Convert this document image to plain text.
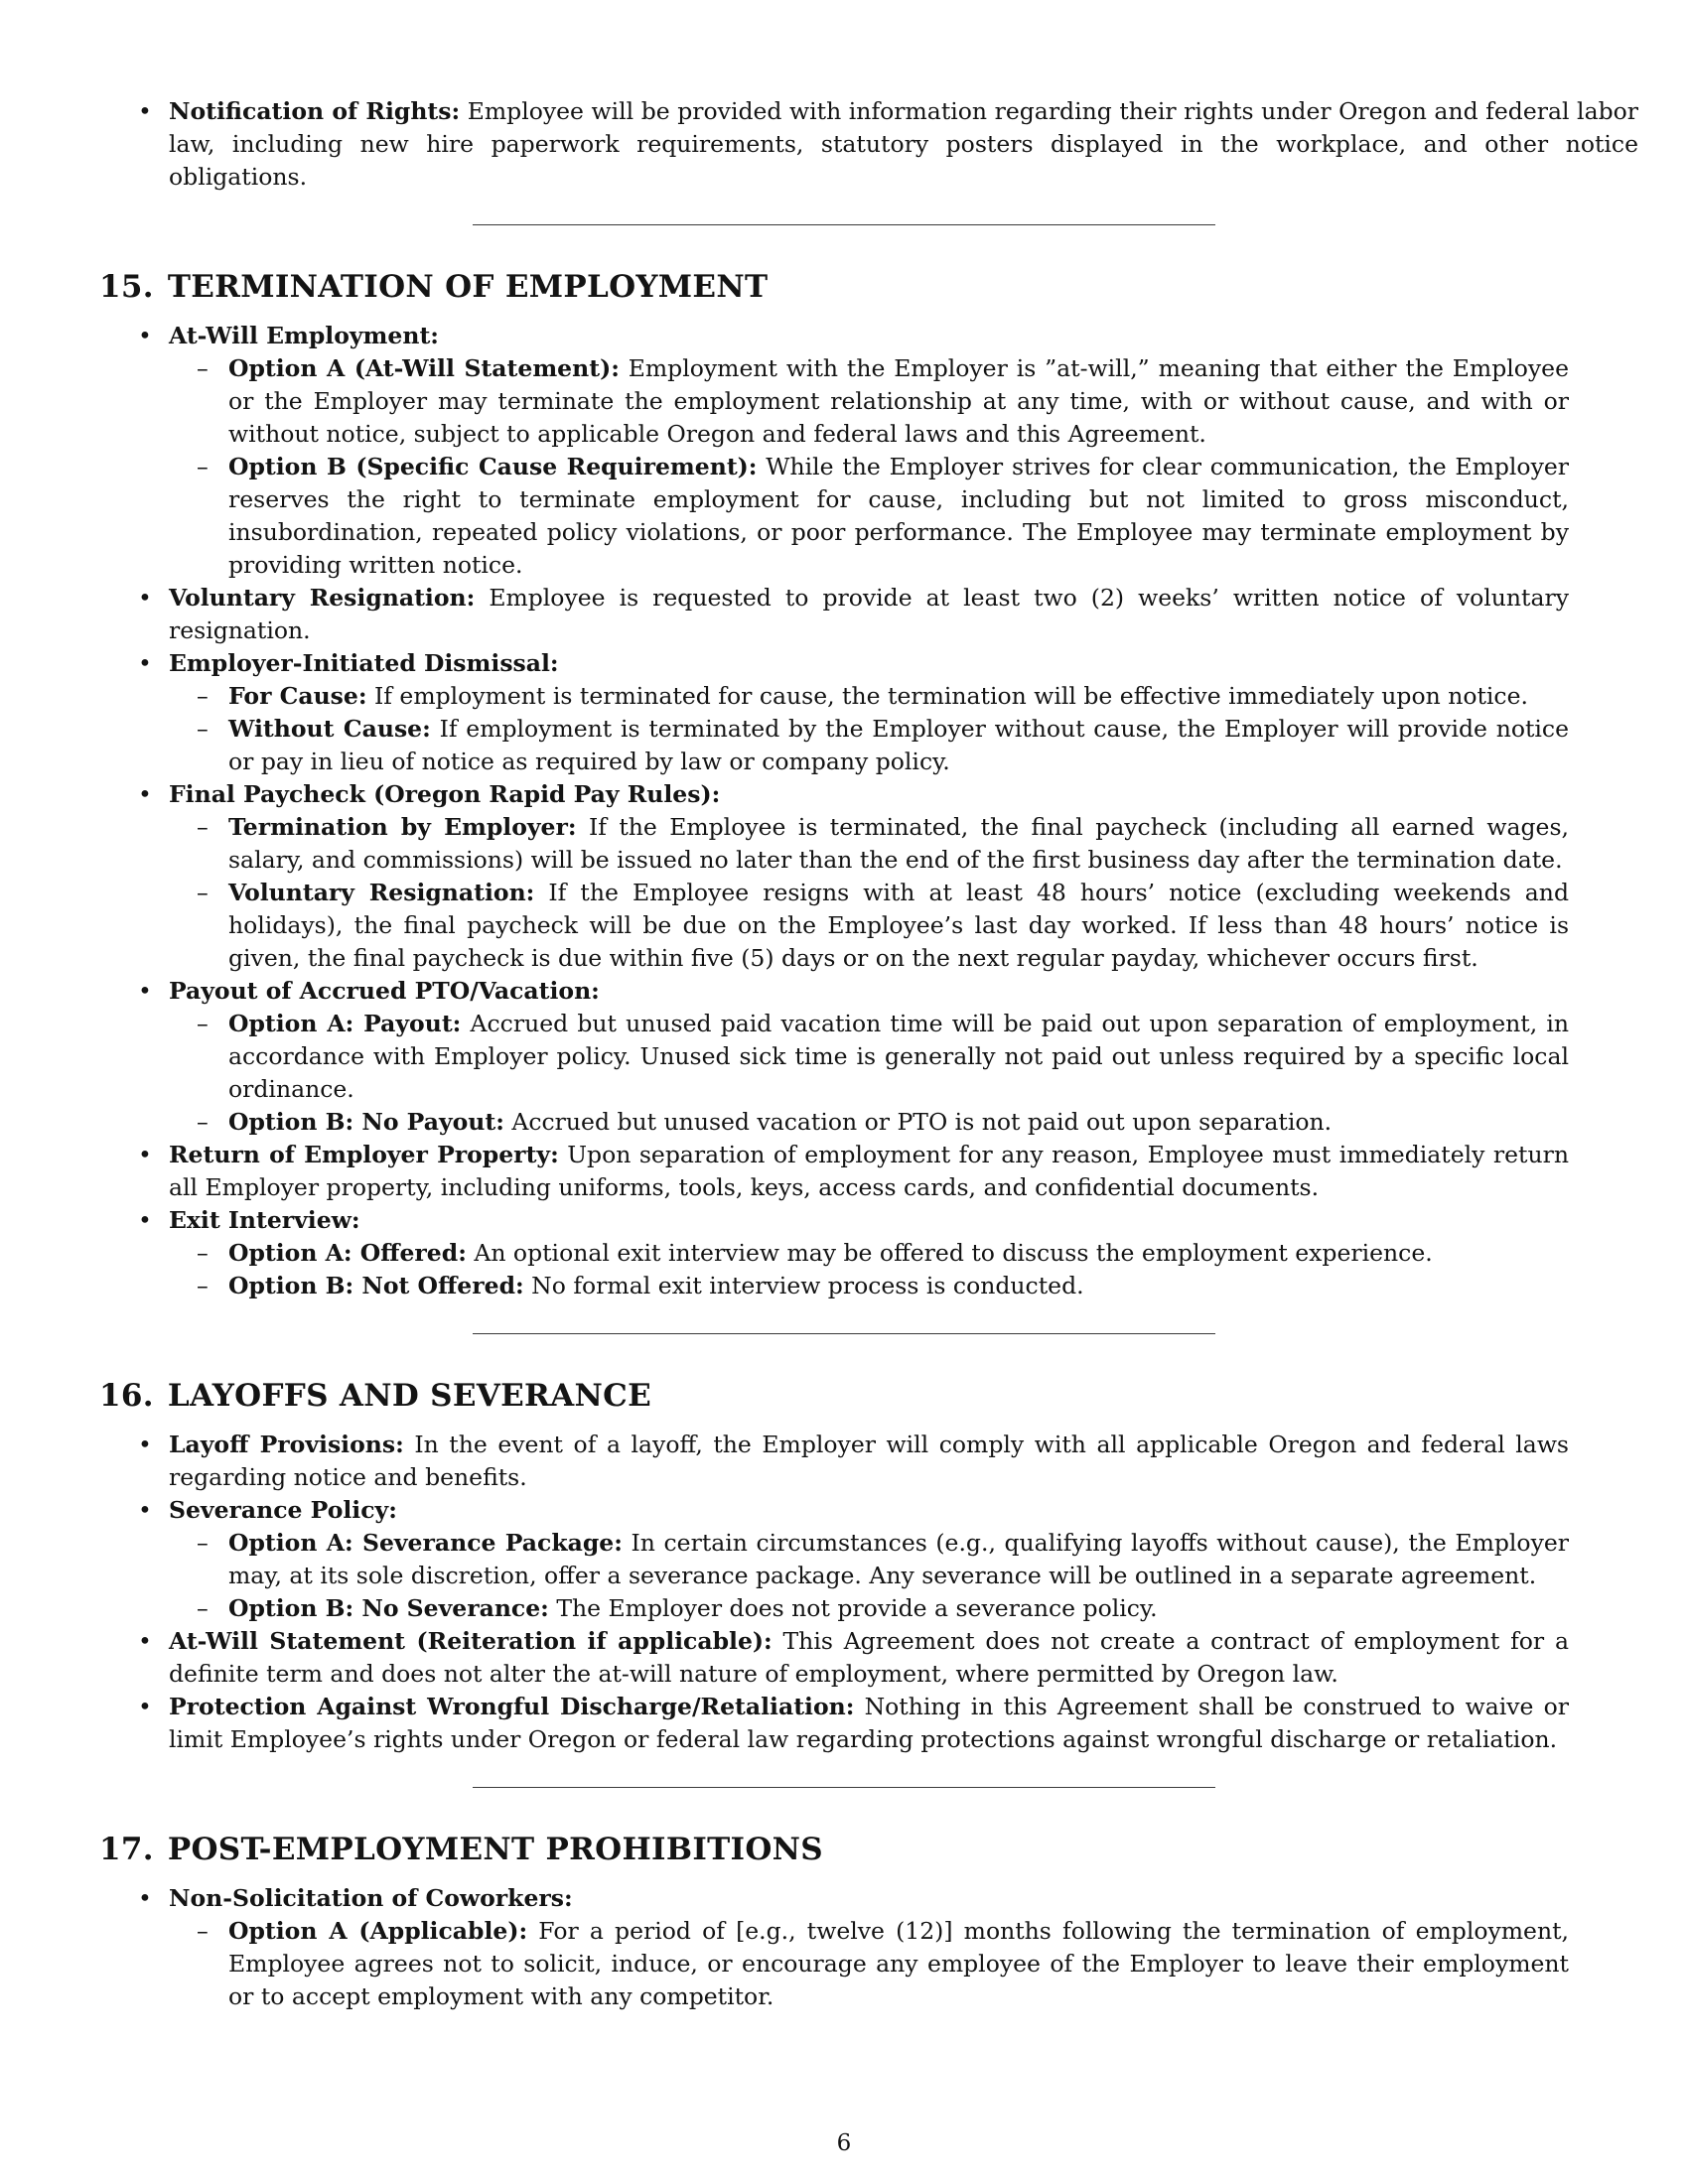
• Notification of Rights: Employee will be provided with information regarding their rights under Oregon and federal labor law, including new hire paperwork requirements, statutory posters displayed in the workplace, and other notice obligations.
15. TERMINATION OF EMPLOYMENT
• At-Will Employment:
– Option A (At-Will Statement): Employment with the Employer is ”at-will,” meaning that either the Employee or the Employer may terminate the employment relationship at any time, with or without cause, and with or without notice, subject to applicable Oregon and federal laws and this Agreement.
– Option B (Specific Cause Requirement): While the Employer strives for clear communication, the Employer reserves the right to terminate employment for cause, including but not limited to gross misconduct, insubordination, repeated policy violations, or poor performance. The Employee may terminate employment by providing written notice.
• Voluntary Resignation: Employee is requested to provide at least two (2) weeks’ written notice of voluntary resignation.
• Employer-Initiated Dismissal:
– For Cause: If employment is terminated for cause, the termination will be effective immediately upon notice.
– Without Cause: If employment is terminated by the Employer without cause, the Employer will provide notice or pay in lieu of notice as required by law or company policy.
• Final Paycheck (Oregon Rapid Pay Rules):
– Termination by Employer: If the Employee is terminated, the final paycheck (including all earned wages, salary, and commissions) will be issued no later than the end of the first business day after the termination date.
– Voluntary Resignation: If the Employee resigns with at least 48 hours’ notice (excluding weekends and holidays), the final paycheck will be due on the Employee’s last day worked. If less than 48 hours’ notice is given, the final paycheck is due within five (5) days or on the next regular payday, whichever occurs first.
• Payout of Accrued PTO/Vacation:
– Option A: Payout: Accrued but unused paid vacation time will be paid out upon separation of employment, in accordance with Employer policy. Unused sick time is generally not paid out unless required by a specific local ordinance.
– Option B: No Payout: Accrued but unused vacation or PTO is not paid out upon separation.
• Return of Employer Property: Upon separation of employment for any reason, Employee must immediately return all Employer property, including uniforms, tools, keys, access cards, and confidential documents.
• Exit Interview:
– Option A: Offered: An optional exit interview may be offered to discuss the employment experience.
– Option B: Not Offered: No formal exit interview process is conducted.
16. LAYOFFS AND SEVERANCE
• Layoff Provisions: In the event of a layoff, the Employer will comply with all applicable Oregon and federal laws regarding notice and benefits.
• Severance Policy:
– Option A: Severance Package: In certain circumstances (e.g., qualifying layoffs without cause), the Employer may, at its sole discretion, offer a severance package. Any severance will be outlined in a separate agreement.
– Option B: No Severance: The Employer does not provide a severance policy.
• At-Will Statement (Reiteration if applicable): This Agreement does not create a contract of employment for a definite term and does not alter the at-will nature of employment, where permitted by Oregon law.
• Protection Against Wrongful Discharge/Retaliation: Nothing in this Agreement shall be construed to waive or limit Employee’s rights under Oregon or federal law regarding protections against wrongful discharge or retaliation.
17. POST-EMPLOYMENT PROHIBITIONS
• Non-Solicitation of Coworkers:
– Option A (Applicable): For a period of [e.g., twelve (12)] months following the termination of employment, Employee agrees not to solicit, induce, or encourage any employee of the Employer to leave their employment or to accept employment with any competitor.
6
